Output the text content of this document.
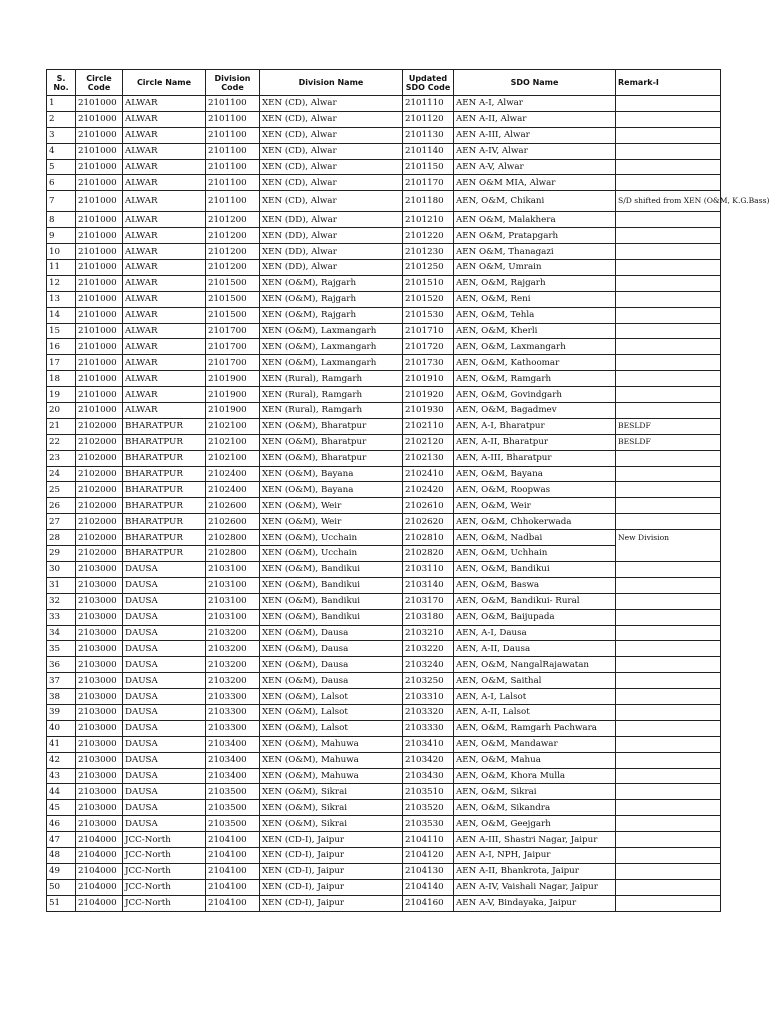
S. No.	Circle Code	Circle Name	Division Code	Division Name	Updated SDO Code	SDO Name	Remark-I
1	2101000	ALWAR	2101100	XEN (CD), Alwar	2101110	AEN A-I, Alwar	
2	2101000	ALWAR	2101100	XEN (CD), Alwar	2101120	AEN A-II, Alwar	
3	2101000	ALWAR	2101100	XEN (CD), Alwar	2101130	AEN A-III, Alwar	
4	2101000	ALWAR	2101100	XEN (CD), Alwar	2101140	AEN A-IV, Alwar	
5	2101000	ALWAR	2101100	XEN (CD), Alwar	2101150	AEN A-V, Alwar	
6	2101000	ALWAR	2101100	XEN (CD), Alwar	2101170	AEN O&M MIA, Alwar	
7	2101000	ALWAR	2101100	XEN (CD), Alwar	2101180	AEN, O&M, Chikani	S/D shifted from XEN (O&M, K.G.Bass)
8	2101000	ALWAR	2101200	XEN (DD), Alwar	2101210	AEN O&M, Malakhera	
9	2101000	ALWAR	2101200	XEN (DD), Alwar	2101220	AEN O&M, Pratapgarh	
10	2101000	ALWAR	2101200	XEN (DD), Alwar	2101230	AEN O&M, Thanagazi	
11	2101000	ALWAR	2101200	XEN (DD), Alwar	2101250	AEN O&M, Umrain	
12	2101000	ALWAR	2101500	XEN (O&M), Rajgarh	2101510	AEN, O&M, Rajgarh	
13	2101000	ALWAR	2101500	XEN (O&M), Rajgarh	2101520	AEN, O&M, Reni	
14	2101000	ALWAR	2101500	XEN (O&M), Rajgarh	2101530	AEN, O&M, Tehla	
15	2101000	ALWAR	2101700	XEN (O&M), Laxmangarh	2101710	AEN, O&M, Kherli	
16	2101000	ALWAR	2101700	XEN (O&M), Laxmangarh	2101720	AEN, O&M, Laxmangarh	
17	2101000	ALWAR	2101700	XEN (O&M), Laxmangarh	2101730	AEN, O&M, Kathoomar	
18	2101000	ALWAR	2101900	XEN (Rural), Ramgarh	2101910	AEN, O&M, Ramgarh	
19	2101000	ALWAR	2101900	XEN (Rural), Ramgarh	2101920	AEN, O&M, Govindgarh	
20	2101000	ALWAR	2101900	XEN (Rural), Ramgarh	2101930	AEN, O&M, Bagadmev	
21	2102000	BHARATPUR	2102100	XEN (O&M), Bharatpur	2102110	AEN, A-I, Bharatpur	BESLDF
22	2102000	BHARATPUR	2102100	XEN (O&M), Bharatpur	2102120	AEN, A-II, Bharatpur	BESLDF
23	2102000	BHARATPUR	2102100	XEN (O&M), Bharatpur	2102130	AEN, A-III, Bharatpur	
24	2102000	BHARATPUR	2102400	XEN (O&M), Bayana	2102410	AEN, O&M, Bayana	
25	2102000	BHARATPUR	2102400	XEN (O&M), Bayana	2102420	AEN, O&M, Roopwas	
26	2102000	BHARATPUR	2102600	XEN (O&M), Weir	2102610	AEN, O&M, Weir	
27	2102000	BHARATPUR	2102600	XEN (O&M), Weir	2102620	AEN, O&M, Chhokerwada	
28	2102000	BHARATPUR	2102800	XEN (O&M), Ucchain	2102810	AEN, O&M, Nadbai	New Division
29	2102000	BHARATPUR	2102800	XEN (O&M), Ucchain	2102820	AEN, O&M, Uchhain	
30	2103000	DAUSA	2103100	XEN (O&M), Bandikui	2103110	AEN, O&M, Bandikui	
31	2103000	DAUSA	2103100	XEN (O&M), Bandikui	2103140	AEN, O&M, Baswa	
32	2103000	DAUSA	2103100	XEN (O&M), Bandikui	2103170	AEN, O&M, Bandikui- Rural	
33	2103000	DAUSA	2103100	XEN (O&M), Bandikui	2103180	AEN, O&M, Baijupada	
34	2103000	DAUSA	2103200	XEN (O&M), Dausa	2103210	AEN, A-I, Dausa	
35	2103000	DAUSA	2103200	XEN (O&M), Dausa	2103220	AEN, A-II, Dausa	
36	2103000	DAUSA	2103200	XEN (O&M), Dausa	2103240	AEN, O&M, NangalRajawatan	
37	2103000	DAUSA	2103200	XEN (O&M), Dausa	2103250	AEN, O&M, Saithal	
38	2103000	DAUSA	2103300	XEN (O&M), Lalsot	2103310	AEN, A-I, Lalsot	
39	2103000	DAUSA	2103300	XEN (O&M), Lalsot	2103320	AEN, A-II, Lalsot	
40	2103000	DAUSA	2103300	XEN (O&M), Lalsot	2103330	AEN, O&M, Ramgarh Pachwara	
41	2103000	DAUSA	2103400	XEN (O&M), Mahuwa	2103410	AEN, O&M, Mandawar	
42	2103000	DAUSA	2103400	XEN (O&M), Mahuwa	2103420	AEN, O&M, Mahua	
43	2103000	DAUSA	2103400	XEN (O&M), Mahuwa	2103430	AEN, O&M, Khora Mulla	
44	2103000	DAUSA	2103500	XEN (O&M), Sikrai	2103510	AEN, O&M, Sikrai	
45	2103000	DAUSA	2103500	XEN (O&M), Sikrai	2103520	AEN, O&M, Sikandra	
46	2103000	DAUSA	2103500	XEN (O&M), Sikrai	2103530	AEN, O&M, Geejgarh	
47	2104000	JCC-North	2104100	XEN (CD-I), Jaipur	2104110	AEN A-III, Shastri Nagar, Jaipur	
48	2104000	JCC-North	2104100	XEN (CD-I), Jaipur	2104120	AEN A-I, NPH, Jaipur	
49	2104000	JCC-North	2104100	XEN (CD-I), Jaipur	2104130	AEN A-II, Bhankrota, Jaipur	
50	2104000	JCC-North	2104100	XEN (CD-I), Jaipur	2104140	AEN A-IV, Vaishali Nagar, Jaipur	
51	2104000	JCC-North	2104100	XEN (CD-I), Jaipur	2104160	AEN A-V, Bindayaka, Jaipur	
